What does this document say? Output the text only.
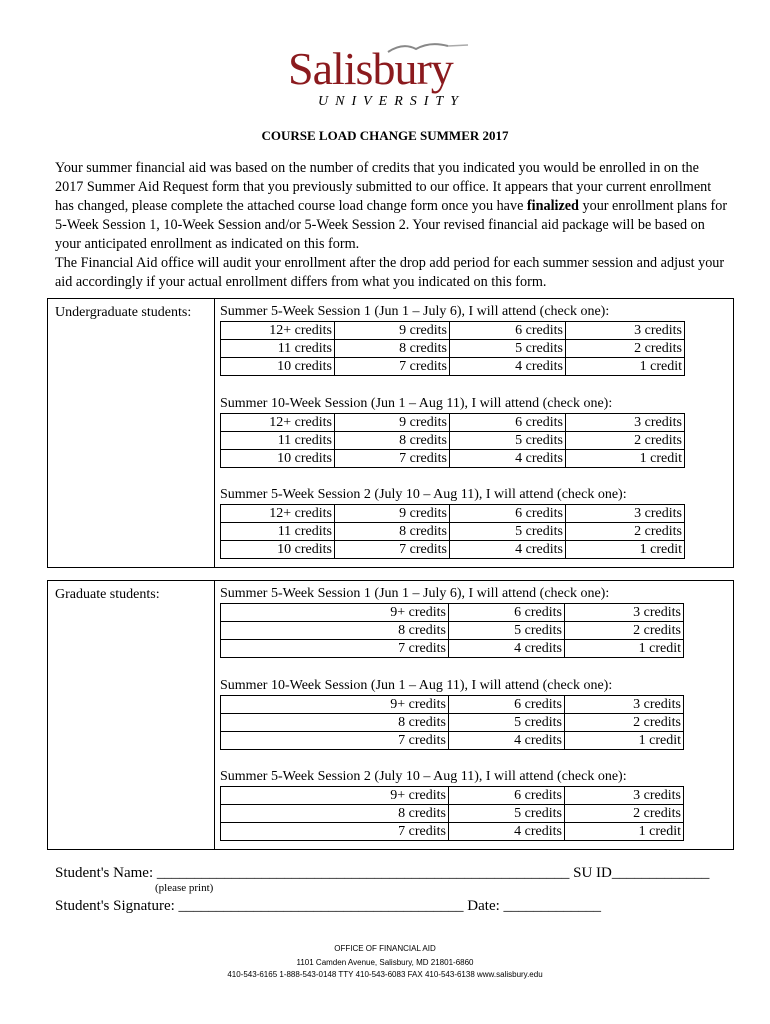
Salisbury
UNIVERSITY
COURSE LOAD CHANGE SUMMER 2017

Your summer financial aid was based on the number of credits that you indicated you would be enrolled in on the 2017 Summer Aid Request form that you previously submitted to our office. It appears that your current enrollment has changed, please complete the attached course load change form once you have finalized your enrollment plans for 5-Week Session 1, 10-Week Session and/or 5-Week Session 2. Your revised financial aid package will be based on your anticipated enrollment as indicated on this form.

The Financial Aid office will audit your enrollment after the drop add period for each summer session and adjust your aid accordingly if your actual enrollment differs from what you indicated on this form.

Undergraduate students: Summer 5-Week Session 1 (Jun 1 – July 6), I will attend (check one):
12+ credits	9 credits	6 credits	3 credits
11 credits	8 credits	5 credits	2 credits
10 credits	7 credits	4 credits	1 credit
Summer 10-Week Session (Jun 1 – Aug 11), I will attend (check one):
12+ credits	9 credits	6 credits	3 credits
11 credits	8 credits	5 credits	2 credits
10 credits	7 credits	4 credits	1 credit
Summer 5-Week Session 2 (July 10 – Aug 11), I will attend (check one):
12+ credits	9 credits	6 credits	3 credits
11 credits	8 credits	5 credits	2 credits
10 credits	7 credits	4 credits	1 credit
Graduate students:	Summer 5-Week Session 1 (Jun 1 – July 6), I will attend (check one):
9+ credits	6 credits	3 credits
8 credits	5 credits	2 credits
7 credits	4 credits	1 credit
Summer 10-Week Session (Jun 1 – Aug 11), I will attend (check one):
9+ credits	6 credits	3 credits
8 credits	5 credits	2 credits
7 credits	4 credits	1 credit
Summer 5-Week Session 2 (July 10 – Aug 11), I will attend (check one):
9+ credits	6 credits	3 credits
8 credits	5 credits	2 credits
7 credits	4 credits	1 credit
Student's Name: _______________________________________________________ SU ID_____________
(please print)
Student's Signature: ______________________________________ Date: _____________
OFFICE OF FINANCIAL AID
1101 Camden Avenue, Salisbury, MD 21801-6860
410-543-6165 1-888-543-0148 TTY 410-543-6083 FAX 410-543-6138 www.salisbury.edu
